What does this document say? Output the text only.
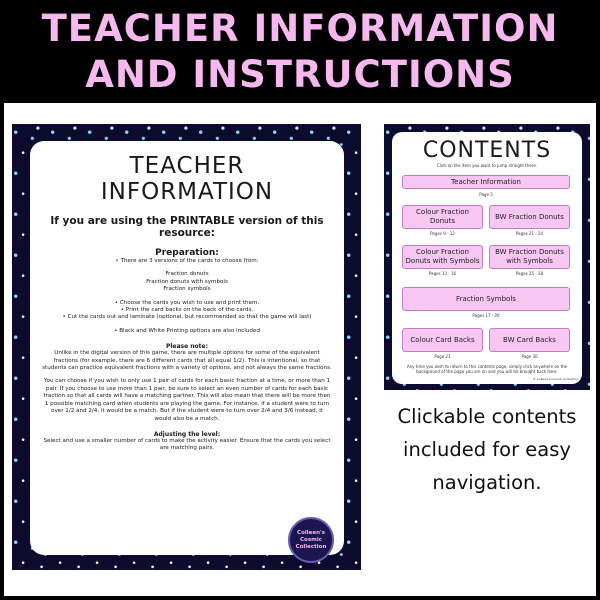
TEACHER INFORMATION
AND INSTRUCTIONS
TEACHER INFORMATION
If you are using the PRINTABLE version of this resource:
Preparation:
• There are 3 versions of the cards to choose from:
Fraction donuts
Fraction donuts with symbols
Fraction symbols
• Choose the cards you wish to use and print them.
• Print the card backs on the back of the cards.
• Cut the cards out and laminate (optional, but recommended so that the game will last)
• Black and White Printing options are also included
Please note:
Unlike in the digital version of this game, there are multiple options for some of the equivalent fractions (for example, there are 6 different cards that all equal 1/2). This is intentional, so that students can practice equivalent fractions with a variety of options, and not always the same fractions.
You can choose if you wish to only use 1 pair of cards for each basic fraction at a time, or more than 1 pair. If you choose to use more than 1 pair, be sure to select an even number of cards for each basic fraction so that all cards will have a matching partner. This will also mean that there will be more then 1 possible matching card when students are playing the game. For instance, if a student were to turn over 1/2 and 2/4, it would be a match. But if the student were to turn over 2/4 and 3/6 instead, it would also be a match.
Adjusting the level:
Select and use a smaller number of cards to make the activity easier. Ensure that the cards you select are matching pairs.
Colleen's
Cosmic
Collection
CONTENTS
Click on the item you want to jump straight there.
Teacher Information
Page 5
Colour Fraction Donuts
Pages 9 - 12
BW Fraction Donuts
Pages 21 - 24
Colour Fraction Donuts with Symbols
Pages 13 - 16
BW Fraction Donuts with Symbols
Pages 25 - 28
Fraction Symbols
Pages 17 - 20
Colour Card Backs
Page 21
BW Card Backs
Page 30
Any time you wish to return to this contents page, simply click anywhere on the background of the page you are on and you will be brought back here.
© Colleen's Cosmic Collection
Clickable contents
included for easy
navigation.
